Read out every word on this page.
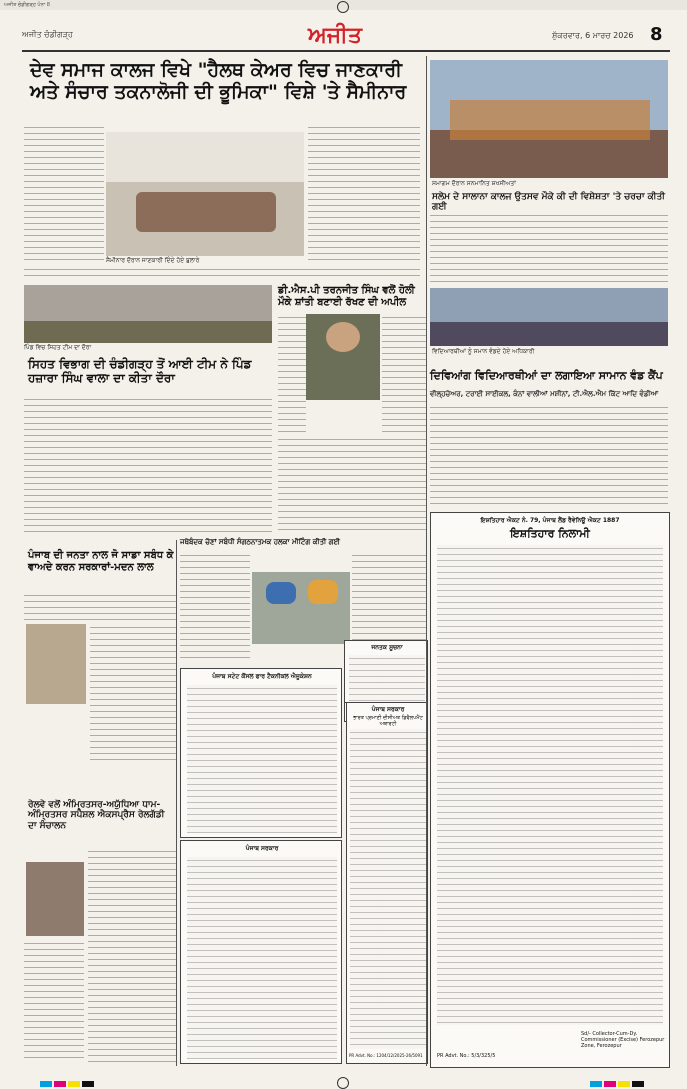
ਅਜੀਤ ਚੰਡੀਗੜ੍ਹ ਪੰਨਾ 8
ਅਜੀਤ ਚੰਡੀਗੜ੍ਹ	ਅਜੀਤ	ਸ਼ੁੱਕਰਵਾਰ, 6 ਮਾਰਚ 2026 8
ਦੇਵ ਸਮਾਜ ਕਾਲਜ ਵਿਖੇ "ਹੈਲਥ ਕੇਅਰ ਵਿਚ ਜਾਣਕਾਰੀ ਅਤੇ ਸੰਚਾਰ ਤਕਨਾਲੋਜੀ ਦੀ ਭੂਮਿਕਾ" ਵਿਸ਼ੇ 'ਤੇ ਸੈਮੀਨਾਰ
ਸੈਮੀਨਾਰ ਦੌਰਾਨ ਜਾਣਕਾਰੀ ਦਿੰਦੇ ਹੋਏ ਬੁਲਾਰੇ
ਸਮਾਗਮ ਦੌਰਾਨ ਸਨਮਾਨਿਤ ਸ਼ਖਸੀਅਤਾਂ
ਸਲੇਮ ਦੇ ਸਾਲਾਨਾ ਕਾਲਜ ਉਤਸਵ ਮੌਕੇ ਕੀ ਦੀ ਵਿਸ਼ੇਸ਼ਤਾ 'ਤੇ ਚਰਚਾ ਕੀਤੀ ਗਈ
ਪਿੰਡ ਵਿਚ ਸਿਹਤ ਟੀਮ ਦਾ ਦੌਰਾ
ਡੀ.ਐਸ.ਪੀ ਤਰਨਜੀਤ ਸਿੰਘ ਵਲੋਂ ਹੋਲੀ ਮੌਕੇ ਸ਼ਾਂਤੀ ਬਣਾਈ ਰੱਖਣ ਦੀ ਅਪੀਲ
ਵਿਦਿਆਰਥੀਆਂ ਨੂੰ ਸਮਾਨ ਵੰਡਦੇ ਹੋਏ ਅਧਿਕਾਰੀ
ਸਿਹਤ ਵਿਭਾਗ ਦੀ ਚੰਡੀਗੜ੍ਹ ਤੋਂ ਆਈ ਟੀਮ ਨੇ ਪਿੰਡ ਹਜ਼ਾਰਾ ਸਿੰਘ ਵਾਲਾ ਦਾ ਕੀਤਾ ਦੌਰਾ	ਦਿਵਿਆਂਗ ਵਿਦਿਆਰਥੀਆਂ ਦਾ ਲਗਾਇਆ ਸਾਮਾਨ ਵੰਡ ਕੈਂਪ
ਵੀਲ੍ਹਚੇਅਰ, ਟਰਾਈ ਸਾਈਕਲ, ਕੰਨਾਂ ਵਾਲੀਆਂ ਮਸ਼ੀਨਾਂ, ਟੀ.ਐਲ.ਐਮ ਕਿੱਟ ਆਦਿ ਵੰਡੀਆਂ
ਪੰਜਾਬ ਦੀ ਜਨਤਾ ਨਾਲ ਜੋ ਸਾਡਾ ਸਬੰਧ ਕੇ ਵਾਅਦੇ ਕਰਨ ਸਰਕਾਰਾਂ-ਮਦਨ ਲਾਲ
ਜਥੇਬੰਦਕ ਚੋਣਾਂ ਸਬੰਧੀ ਸੰਗਠਨਾਤਮਕ ਹਲਕਾ ਮੀਟਿੰਗ ਕੀਤੀ ਗਈ
ਇਸ਼ਤਿਹਾਰ ਐਕਟ ਨੰ. 79, ਪੰਜਾਬ ਲੈਂਡ ਰੈਵੇਨਿਊ ਐਕਟ 1887
ਇਸ਼ਤਿਹਾਰ ਨਿਲਾਮੀ
Sd/- Collector-Cum-Dy. Commissioner (Excise) Ferozepur Zone, Ferozepur
PR Advt. No.: 5/3/325/5
ਪੰਜਾਬ ਸਟੇਟ ਕੌਂਸਲ ਫਾਰ ਟੈਕਨੀਕਲ ਐਜੂਕੇਸ਼ਨ
ਜਨਤਕ ਸੂਚਨਾ
ਪੰਜਾਬ ਸਰਕਾਰ
ਭਾਰਤ ਪ੍ਰਮਾਣੀ ਦੀਸੀਅਤ ਡਿਵੈਲਪਮੈਂਟ ਅਥਾਰਟੀ
PR Advt. No.: 1204/12/2025-26/5091
ਪੰਜਾਬ ਸਰਕਾਰ
ਰੇਲਵੇ ਵਲੋਂ ਅੰਮ੍ਰਿਤਸਰ-ਅਯੁੱਧਿਆ ਧਾਮ-ਅੰਮ੍ਰਿਤਸਰ ਸਪੈਸ਼ਲ ਐਕਸਪ੍ਰੈਸ ਰੇਲਗੱਡੀ ਦਾ ਸੰਚਾਲਨ
